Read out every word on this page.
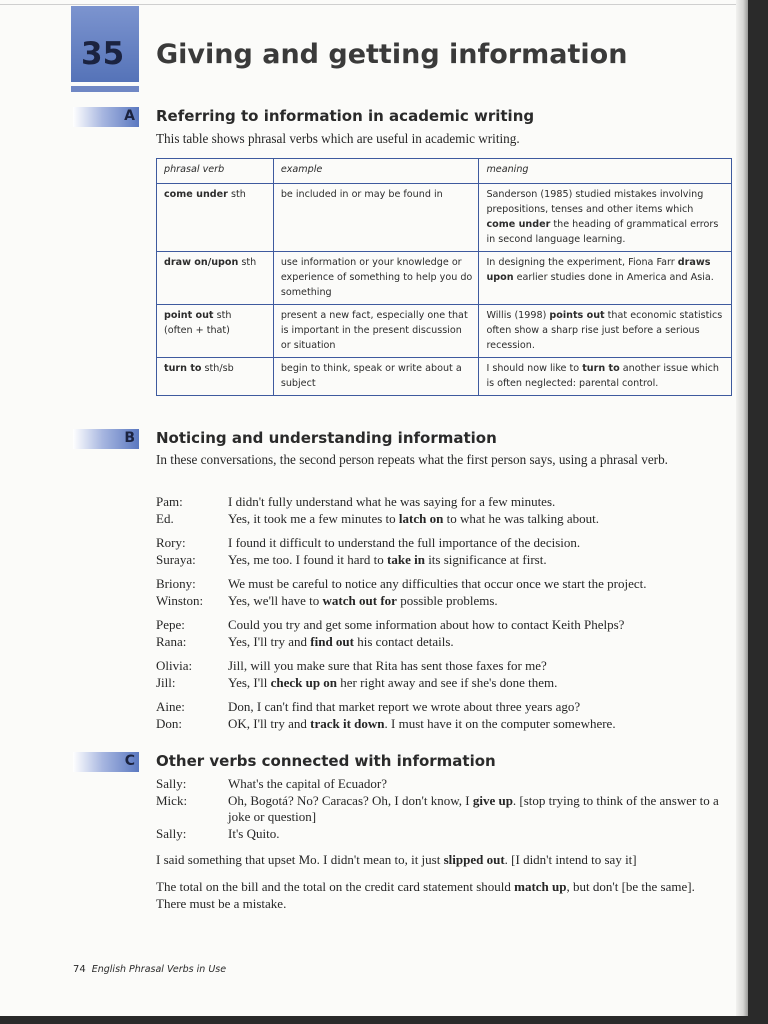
35 Giving and getting information
A Referring to information in academic writing
This table shows phrasal verbs which are useful in academic writing.
phrasal verb	example	meaning
come under sth	be included in or may be found in	Sanderson (1985) studied mistakes involving prepositions, tenses and other items which come under the heading of grammatical errors in second language learning.
draw on/upon sth	use information or your knowledge or experience of something to help you do something	In designing the experiment, Fiona Farr draws upon earlier studies done in America and Asia.
point out sth
(often + that)	present a new fact, especially one that is important in the present discussion or situation	Willis (1998) points out that economic statistics often show a sharp rise just before a serious recession.
turn to sth/sb	begin to think, speak or write about a subject	I should now like to turn to another issue which is often neglected: parental control.
B Noticing and understanding information
In these conversations, the second person repeats what the first person says, using a phrasal verb.
Pam:	I didn't fully understand what he was saying for a few minutes.
Ed.	Yes, it took me a few minutes to latch on to what he was talking about.
Rory:	I found it difficult to understand the full importance of the decision.
Suraya:	Yes, me too. I found it hard to take in its significance at first.
Briony:	We must be careful to notice any difficulties that occur once we start the project.
Winston:	Yes, we'll have to watch out for possible problems.
Pepe:	Could you try and get some information about how to contact Keith Phelps?
Rana:	Yes, I'll try and find out his contact details.
Olivia:	Jill, will you make sure that Rita has sent those faxes for me?
Jill:	Yes, I'll check up on her right away and see if she's done them.
Aine:	Don, I can't find that market report we wrote about three years ago?
Don:	OK, I'll try and track it down. I must have it on the computer somewhere.
C Other verbs connected with information
Sally:	What's the capital of Ecuador?
Mick:	Oh, Bogotá? No? Caracas? Oh, I don't know, I give up. [stop trying to think of the answer to a joke or question]
Sally:	It's Quito.
I said something that upset Mo. I didn't mean to, it just slipped out. [I didn't intend to say it]
The total on the bill and the total on the credit card statement should match up, but don't [be the same]. There must be a mistake.
74 English Phrasal Verbs in Use
